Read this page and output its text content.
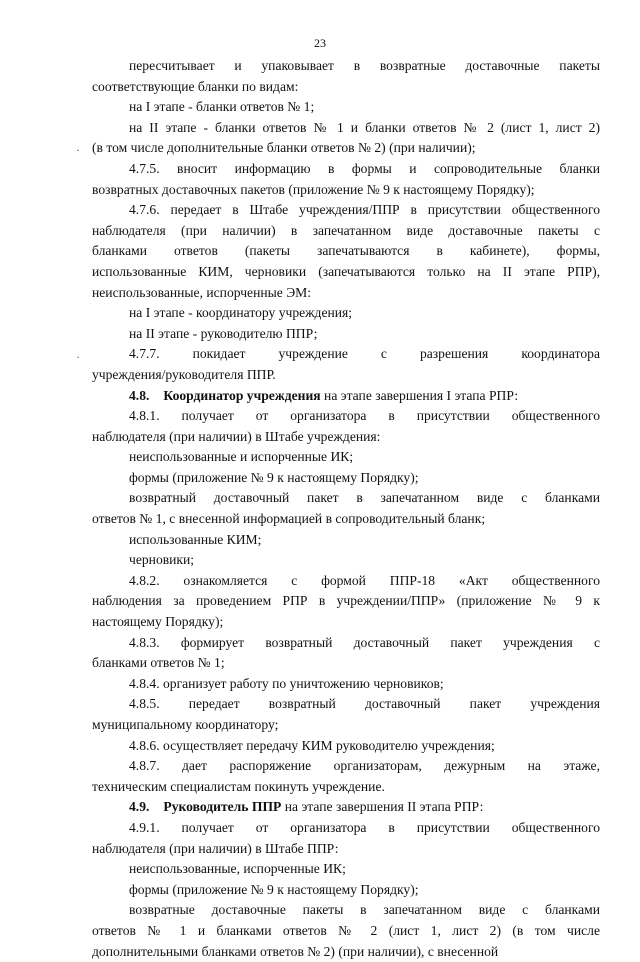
23
·
·

пересчитывает и упаковывает в возвратные доставочные пакеты

соответствующие бланки по видам:

на I этапе - бланки ответов № 1;

на II этапе - бланки ответов № 1 и бланки ответов № 2 (лист 1, лист 2)

(в том числе дополнительные бланки ответов № 2) (при наличии);

4.7.5. вносит информацию в формы и сопроводительные бланки

возвратных доставочных пакетов (приложение № 9 к настоящему Порядку);

4.7.6. передает в Штабе учреждения/ППР в присутствии общественного

наблюдателя (при наличии) в запечатанном виде доставочные пакеты с

бланками ответов (пакеты запечатываются в кабинете), формы,

использованные КИМ, черновики (запечатываются только на II этапе РПР),

неиспользованные, испорченные ЭМ:

на I этапе - координатору учреждения;

на II этапе - руководителю ППР;

4.7.7. покидает учреждение с разрешения координатора

учреждения/руководителя ППР.

4.8. Координатор учреждения на этапе завершения I этапа РПР:

4.8.1. получает от организатора в присутствии общественного

наблюдателя (при наличии) в Штабе учреждения:

неиспользованные и испорченные ИК;

формы (приложение № 9 к настоящему Порядку);

возвратный доставочный пакет в запечатанном виде с бланками

ответов № 1, с внесенной информацией в сопроводительный бланк;

использованные КИМ;

черновики;

4.8.2. ознакомляется с формой ППР-18 «Акт общественного

наблюдения за проведением РПР в учреждении/ППР» (приложение № 9 к

настоящему Порядку);

4.8.3. формирует возвратный доставочный пакет учреждения с

бланками ответов № 1;

4.8.4. организует работу по уничтожению черновиков;

4.8.5. передает возвратный доставочный пакет учреждения

муниципальному координатору;

4.8.6. осуществляет передачу КИМ руководителю учреждения;

4.8.7. дает распоряжение организаторам, дежурным на этаже,

техническим специалистам покинуть учреждение.

4.9. Руководитель ППР на этапе завершения II этапа РПР:

4.9.1. получает от организатора в присутствии общественного

наблюдателя (при наличии) в Штабе ППР:

неиспользованные, испорченные ИК;

формы (приложение № 9 к настоящему Порядку);

возвратные доставочные пакеты в запечатанном виде с бланками

ответов № 1 и бланками ответов № 2 (лист 1, лист 2) (в том числе

дополнительными бланками ответов № 2) (при наличии), с внесенной
